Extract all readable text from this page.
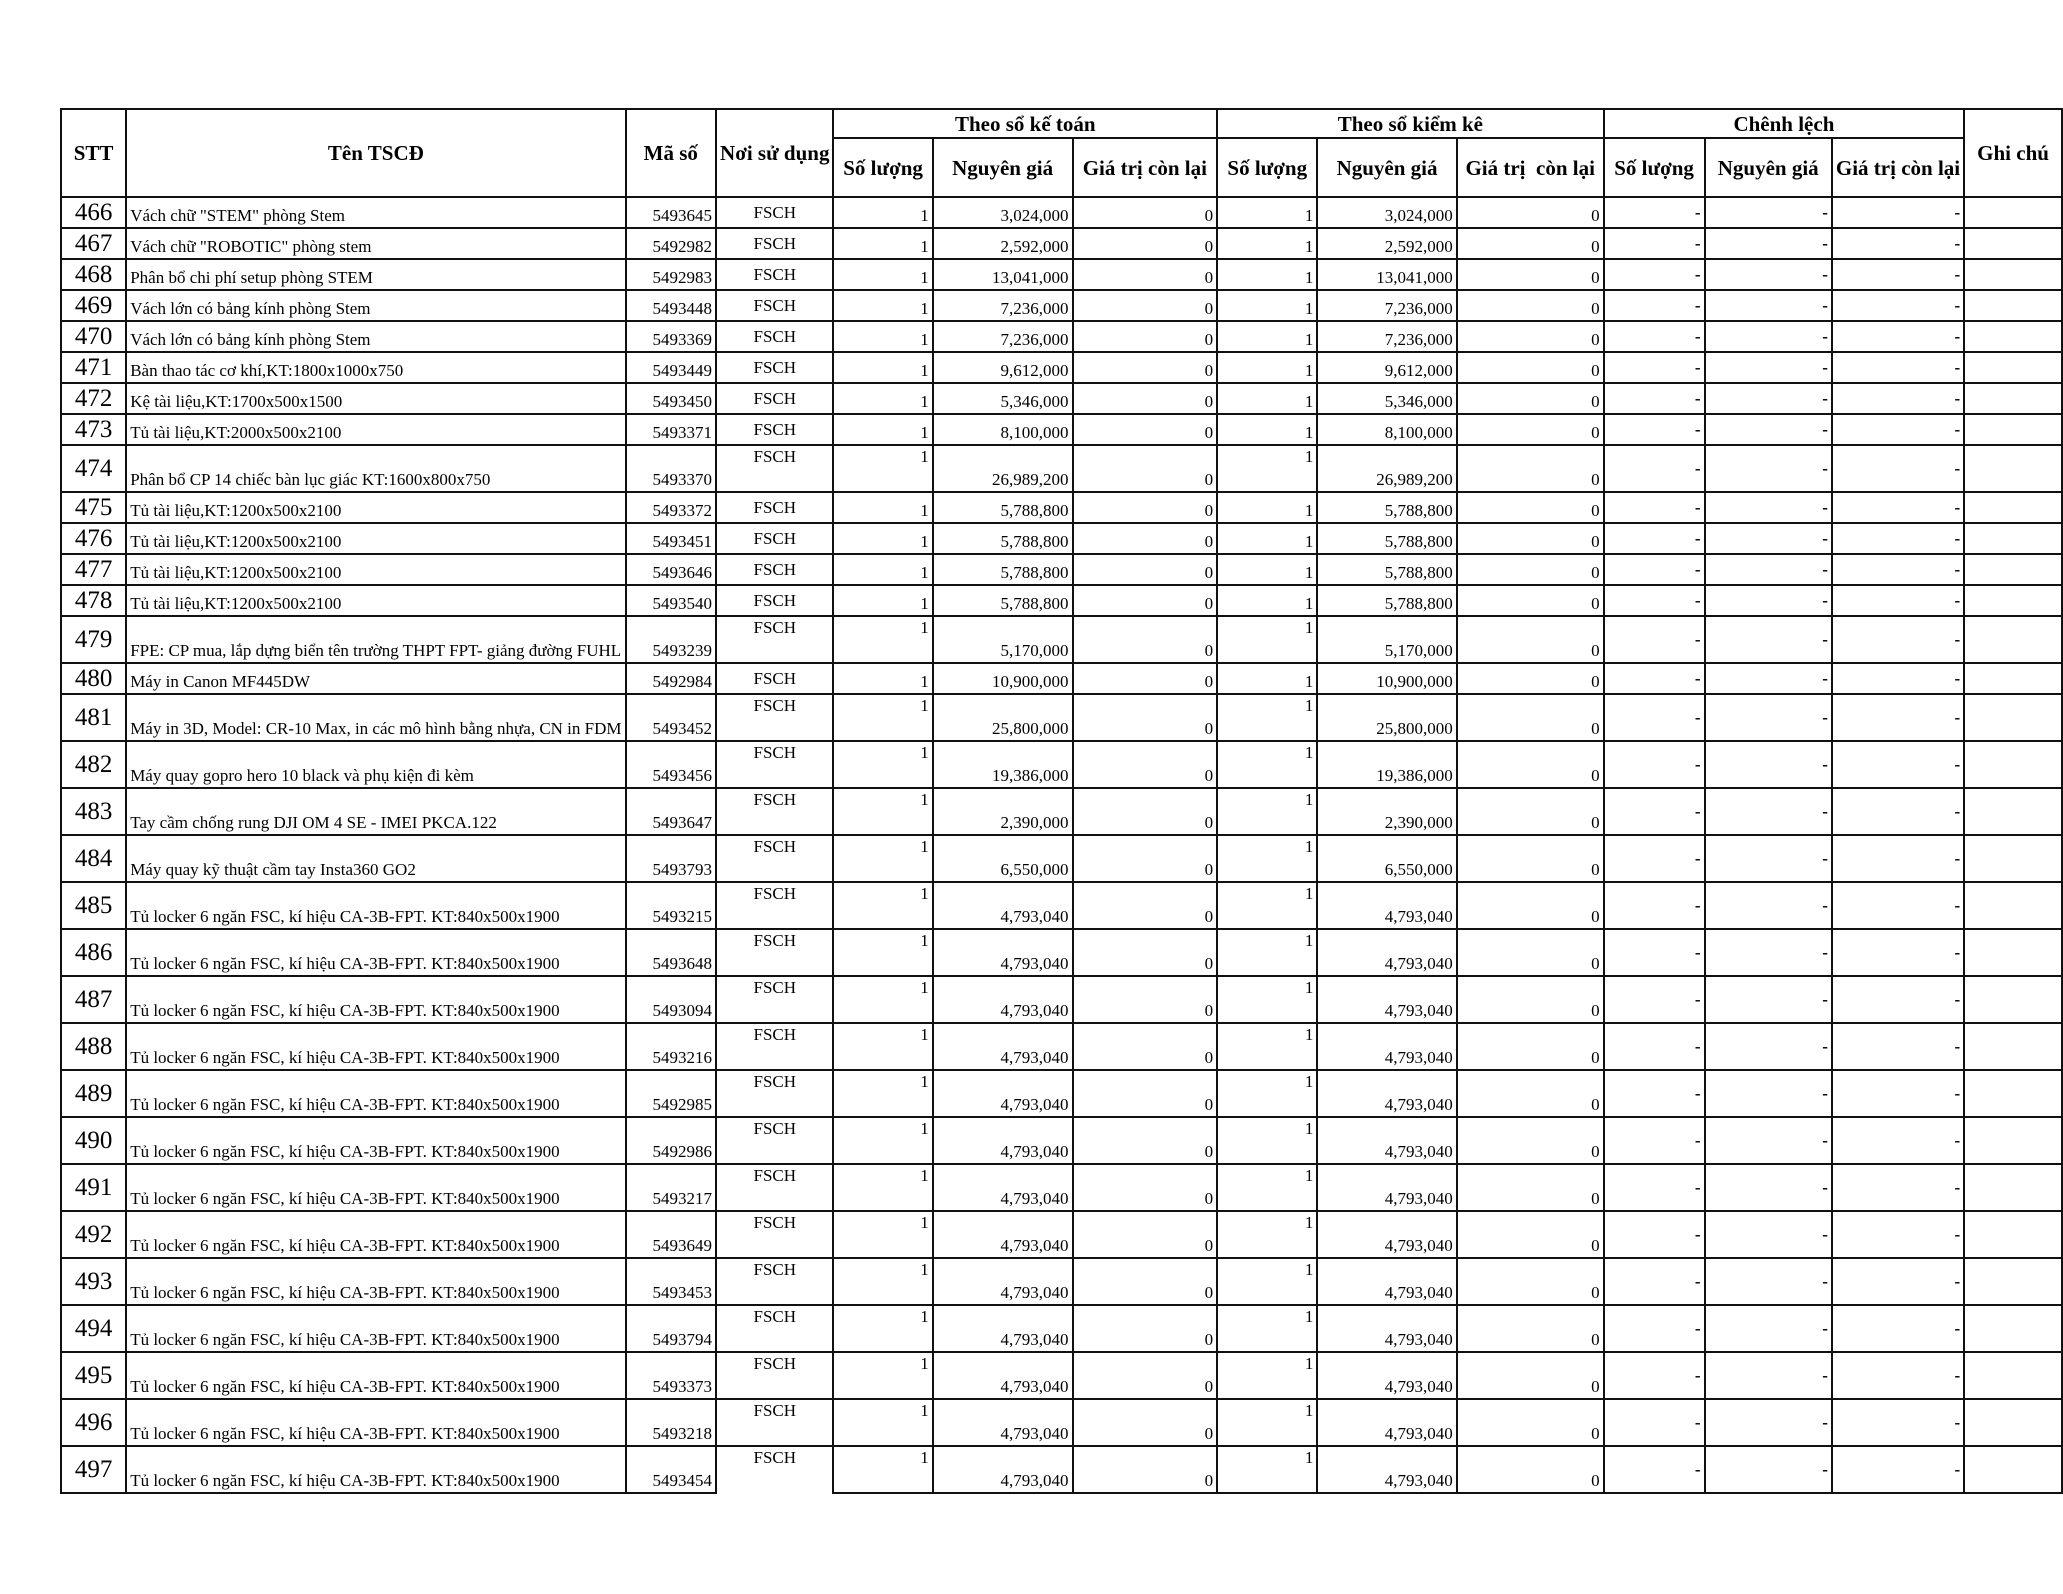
STT	Tên TSCĐ	Mã số	Nơi sử dụng	Theo sổ kế toán			Theo sổ kiểm kê			Chênh lệch			Ghi chú
				Số lượng	Nguyên giá	Giá trị còn lại	Số lượng	Nguyên giá	Giá trị  còn lại	Số lượng	Nguyên giá	Giá trị còn lại	
466	Vách chữ "STEM" phòng Stem	5493645	FSCH	1	3,024,000	0	1	3,024,000	0	-	-	-	
467	Vách chữ "ROBOTIC" phòng stem	5492982	FSCH	1	2,592,000	0	1	2,592,000	0	-	-	-	
468	Phân bổ chi phí setup phòng STEM	5492983	FSCH	1	13,041,000	0	1	13,041,000	0	-	-	-	
469	Vách lớn có bảng kính phòng Stem	5493448	FSCH	1	7,236,000	0	1	7,236,000	0	-	-	-	
470	Vách lớn có bảng kính phòng Stem	5493369	FSCH	1	7,236,000	0	1	7,236,000	0	-	-	-	
471	Bàn thao tác cơ khí,KT:1800x1000x750	5493449	FSCH	1	9,612,000	0	1	9,612,000	0	-	-	-	
472	Kệ tài liệu,KT:1700x500x1500	5493450	FSCH	1	5,346,000	0	1	5,346,000	0	-	-	-	
473	Tủ tài liệu,KT:2000x500x2100	5493371	FSCH	1	8,100,000	0	1	8,100,000	0	-	-	-	
474	Phân bổ CP 14 chiếc bàn lục giác KT:1600x800x750	5493370	FSCH	1	26,989,200	0	1	26,989,200	0	-	-	-	
475	Tủ tài liệu,KT:1200x500x2100	5493372	FSCH	1	5,788,800	0	1	5,788,800	0	-	-	-	
476	Tủ tài liệu,KT:1200x500x2100	5493451	FSCH	1	5,788,800	0	1	5,788,800	0	-	-	-	
477	Tủ tài liệu,KT:1200x500x2100	5493646	FSCH	1	5,788,800	0	1	5,788,800	0	-	-	-	
478	Tủ tài liệu,KT:1200x500x2100	5493540	FSCH	1	5,788,800	0	1	5,788,800	0	-	-	-	
479	FPE: CP mua, lắp dựng biển tên trường THPT FPT- giảng đường FUHL	5493239	FSCH	1	5,170,000	0	1	5,170,000	0	-	-	-	
480	Máy in Canon MF445DW	5492984	FSCH	1	10,900,000	0	1	10,900,000	0	-	-	-	
481	Máy in 3D, Model: CR-10 Max, in các mô hình bằng nhựa, CN in FDM	5493452	FSCH	1	25,800,000	0	1	25,800,000	0	-	-	-	
482	Máy quay gopro hero 10 black và phụ kiện đi kèm	5493456	FSCH	1	19,386,000	0	1	19,386,000	0	-	-	-	
483	Tay cầm chống rung DJI OM 4 SE - IMEI PKCA.122	5493647	FSCH	1	2,390,000	0	1	2,390,000	0	-	-	-	
484	Máy quay kỹ thuật cầm tay Insta360 GO2	5493793	FSCH	1	6,550,000	0	1	6,550,000	0	-	-	-	
485	Tủ locker 6 ngăn FSC, kí hiệu CA-3B-FPT. KT:840x500x1900	5493215	FSCH	1	4,793,040	0	1	4,793,040	0	-	-	-	
486	Tủ locker 6 ngăn FSC, kí hiệu CA-3B-FPT. KT:840x500x1900	5493648	FSCH	1	4,793,040	0	1	4,793,040	0	-	-	-	
487	Tủ locker 6 ngăn FSC, kí hiệu CA-3B-FPT. KT:840x500x1900	5493094	FSCH	1	4,793,040	0	1	4,793,040	0	-	-	-	
488	Tủ locker 6 ngăn FSC, kí hiệu CA-3B-FPT. KT:840x500x1900	5493216	FSCH	1	4,793,040	0	1	4,793,040	0	-	-	-	
489	Tủ locker 6 ngăn FSC, kí hiệu CA-3B-FPT. KT:840x500x1900	5492985	FSCH	1	4,793,040	0	1	4,793,040	0	-	-	-	
490	Tủ locker 6 ngăn FSC, kí hiệu CA-3B-FPT. KT:840x500x1900	5492986	FSCH	1	4,793,040	0	1	4,793,040	0	-	-	-	
491	Tủ locker 6 ngăn FSC, kí hiệu CA-3B-FPT. KT:840x500x1900	5493217	FSCH	1	4,793,040	0	1	4,793,040	0	-	-	-	
492	Tủ locker 6 ngăn FSC, kí hiệu CA-3B-FPT. KT:840x500x1900	5493649	FSCH	1	4,793,040	0	1	4,793,040	0	-	-	-	
493	Tủ locker 6 ngăn FSC, kí hiệu CA-3B-FPT. KT:840x500x1900	5493453	FSCH	1	4,793,040	0	1	4,793,040	0	-	-	-	
494	Tủ locker 6 ngăn FSC, kí hiệu CA-3B-FPT. KT:840x500x1900	5493794	FSCH	1	4,793,040	0	1	4,793,040	0	-	-	-	
495	Tủ locker 6 ngăn FSC, kí hiệu CA-3B-FPT. KT:840x500x1900	5493373	FSCH	1	4,793,040	0	1	4,793,040	0	-	-	-	
496	Tủ locker 6 ngăn FSC, kí hiệu CA-3B-FPT. KT:840x500x1900	5493218	FSCH	1	4,793,040	0	1	4,793,040	0	-	-	-	
497	Tủ locker 6 ngăn FSC, kí hiệu CA-3B-FPT. KT:840x500x1900	5493454	FSCH	1	4,793,040	0	1	4,793,040	0	-	-	-	
